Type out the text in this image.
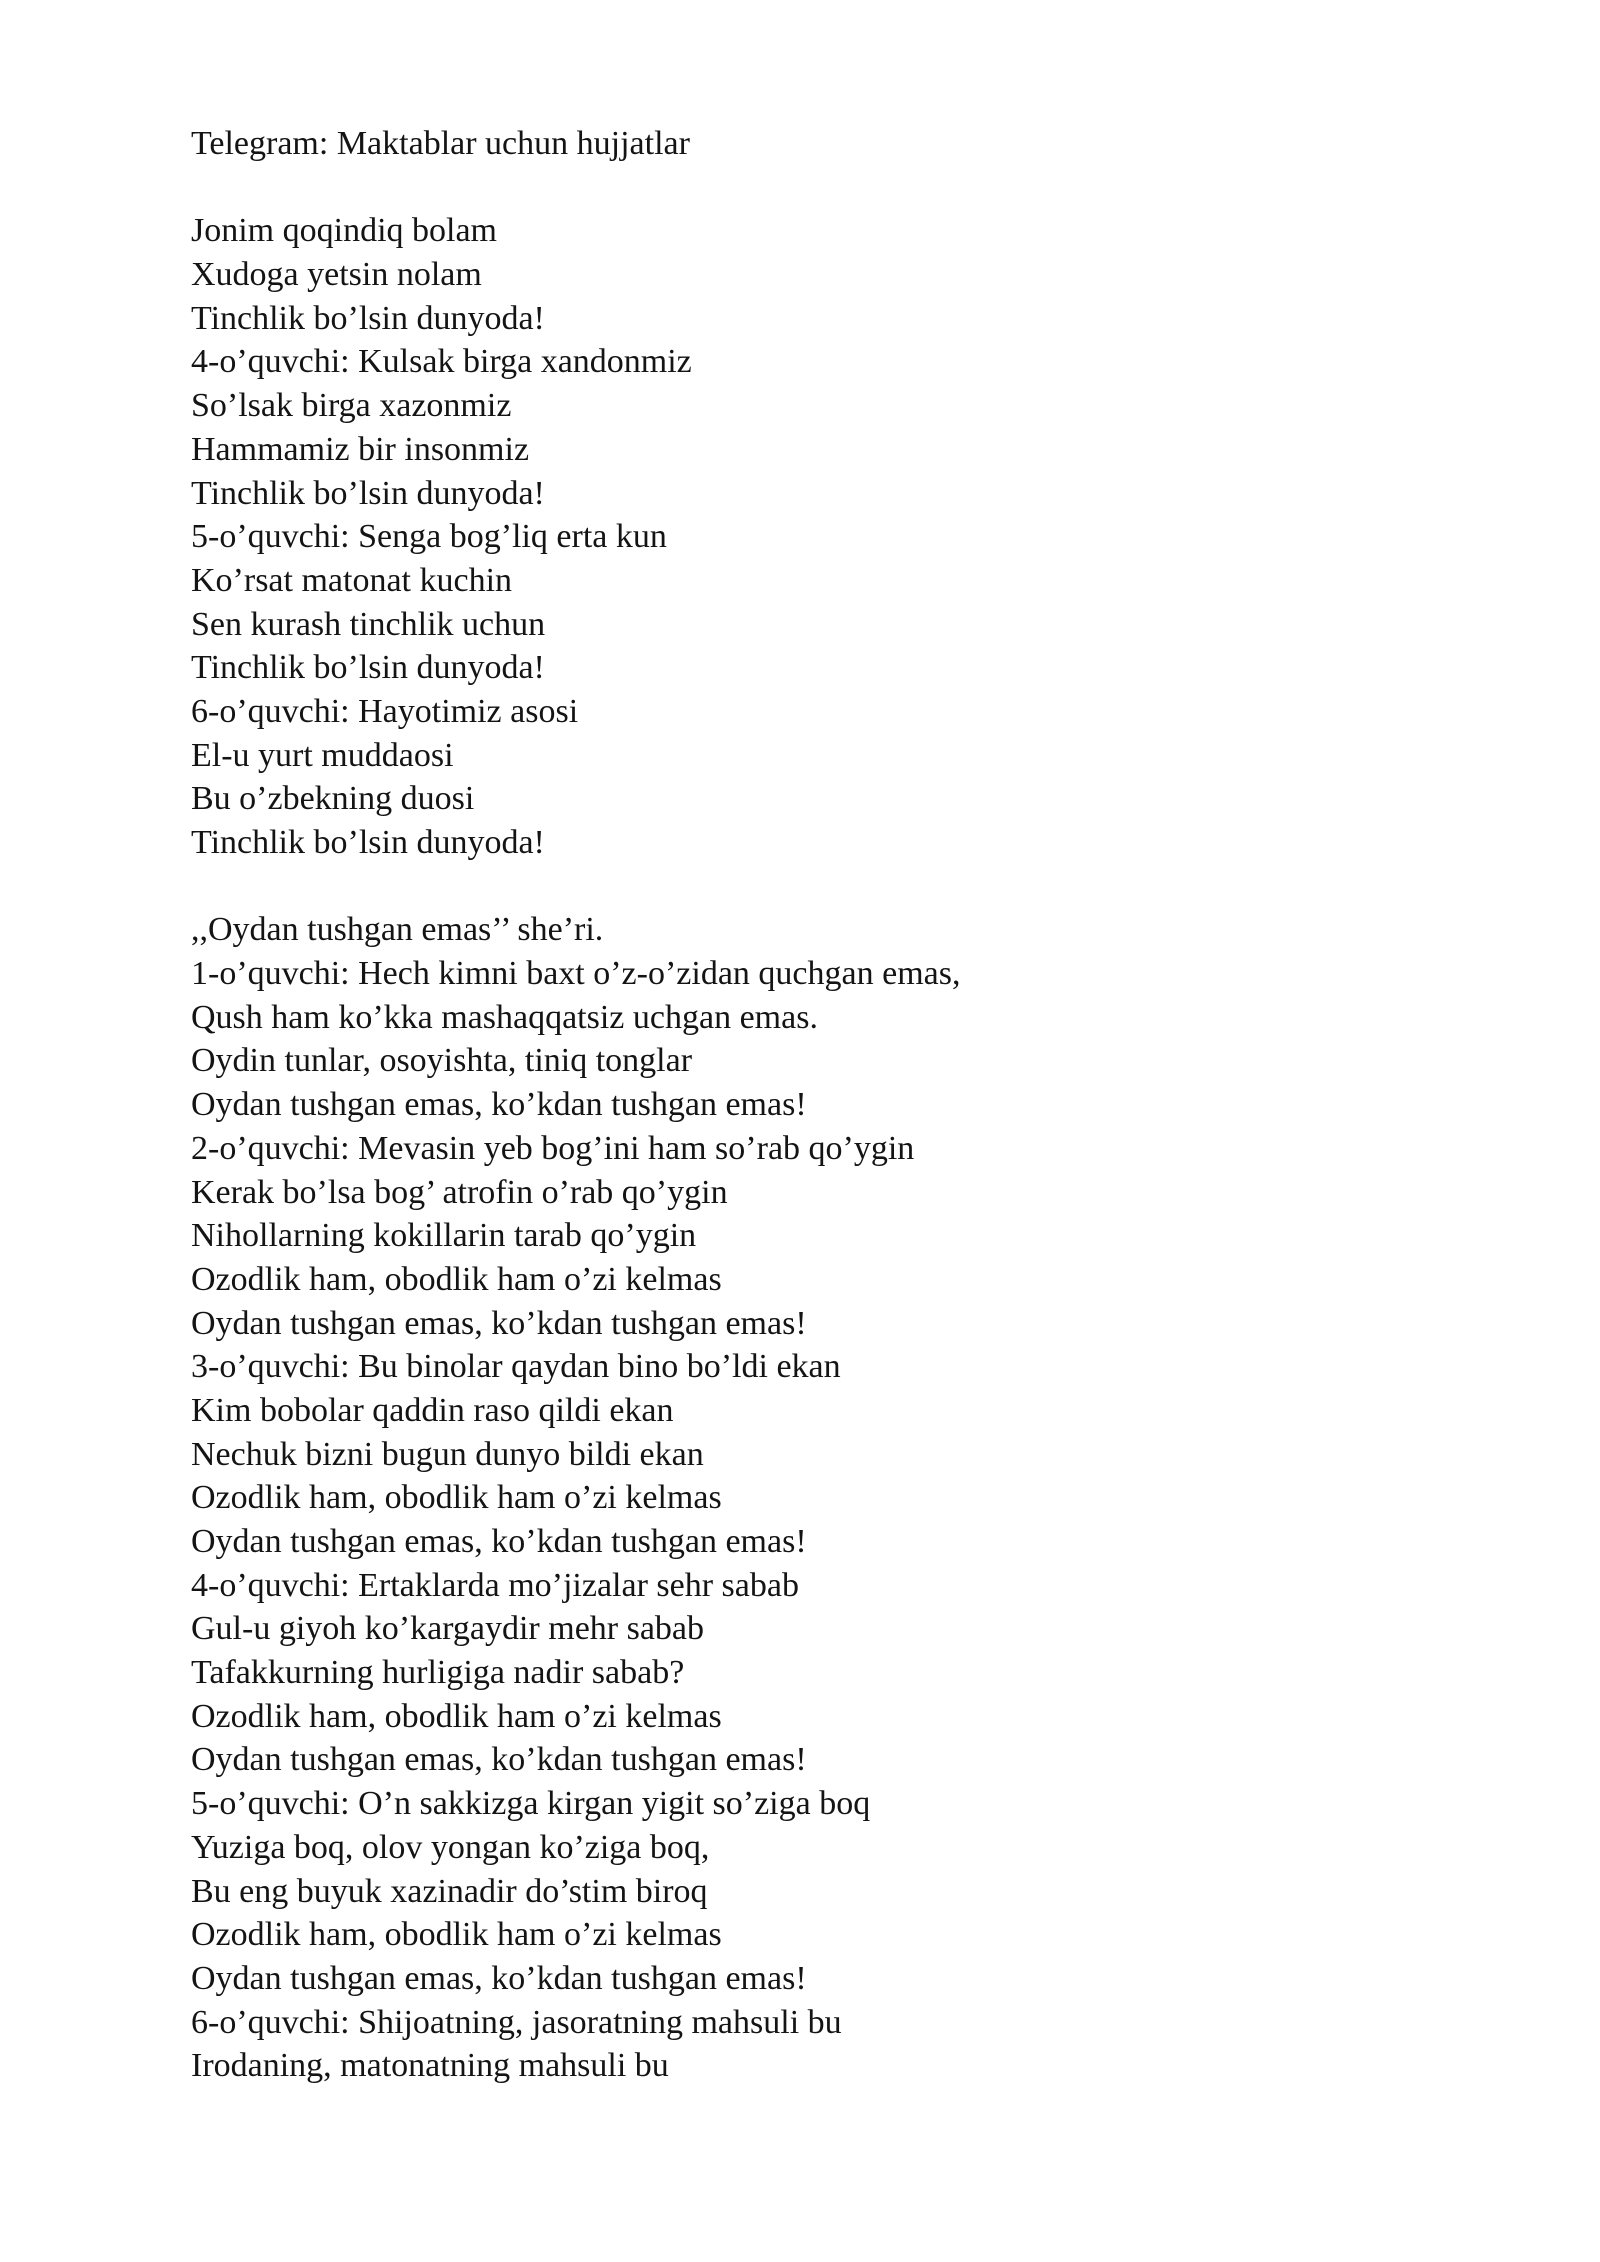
Telegram: Maktablar uchun hujjatlar
Jonim qoqindiq bolam
Xudoga yetsin nolam
Tinchlik bo’lsin dunyoda!
4-o’quvchi: Kulsak birga xandonmiz
So’lsak birga xazonmiz
Hammamiz bir insonmiz
Tinchlik bo’lsin dunyoda!
5-o’quvchi: Senga bog’liq erta kun
Ko’rsat matonat kuchin
Sen kurash tinchlik uchun
Tinchlik bo’lsin dunyoda!
6-o’quvchi: Hayotimiz asosi
El-u yurt muddaosi
Bu o’zbekning duosi
Tinchlik bo’lsin dunyoda!
,,Oydan tushgan emas’’ she’ri.
1-o’quvchi: Hech kimni baxt o’z-o’zidan quchgan emas,
Qush ham ko’kka mashaqqatsiz uchgan emas.
Oydin tunlar, osoyishta, tiniq tonglar
Oydan tushgan emas, ko’kdan tushgan emas!
2-o’quvchi: Mevasin yeb bog’ini ham so’rab qo’ygin
Kerak bo’lsa bog’ atrofin o’rab qo’ygin
Nihollarning kokillarin tarab qo’ygin
Ozodlik ham, obodlik ham o’zi kelmas
Oydan tushgan emas, ko’kdan tushgan emas!
3-o’quvchi: Bu binolar qaydan bino bo’ldi ekan
Kim bobolar qaddin raso qildi ekan
Nechuk bizni bugun dunyo bildi ekan
Ozodlik ham, obodlik ham o’zi kelmas
Oydan tushgan emas, ko’kdan tushgan emas!
4-o’quvchi: Ertaklarda mo’jizalar sehr sabab
Gul-u giyoh ko’kargaydir mehr sabab
Tafakkurning hurligiga nadir sabab?
Ozodlik ham, obodlik ham o’zi kelmas
Oydan tushgan emas, ko’kdan tushgan emas!
5-o’quvchi: O’n sakkizga kirgan yigit so’ziga boq
Yuziga boq, olov yongan ko’ziga boq,
Bu eng buyuk xazinadir do’stim biroq
Ozodlik ham, obodlik ham o’zi kelmas
Oydan tushgan emas, ko’kdan tushgan emas!
6-o’quvchi: Shijoatning, jasoratning mahsuli bu
Irodaning, matonatning mahsuli bu
